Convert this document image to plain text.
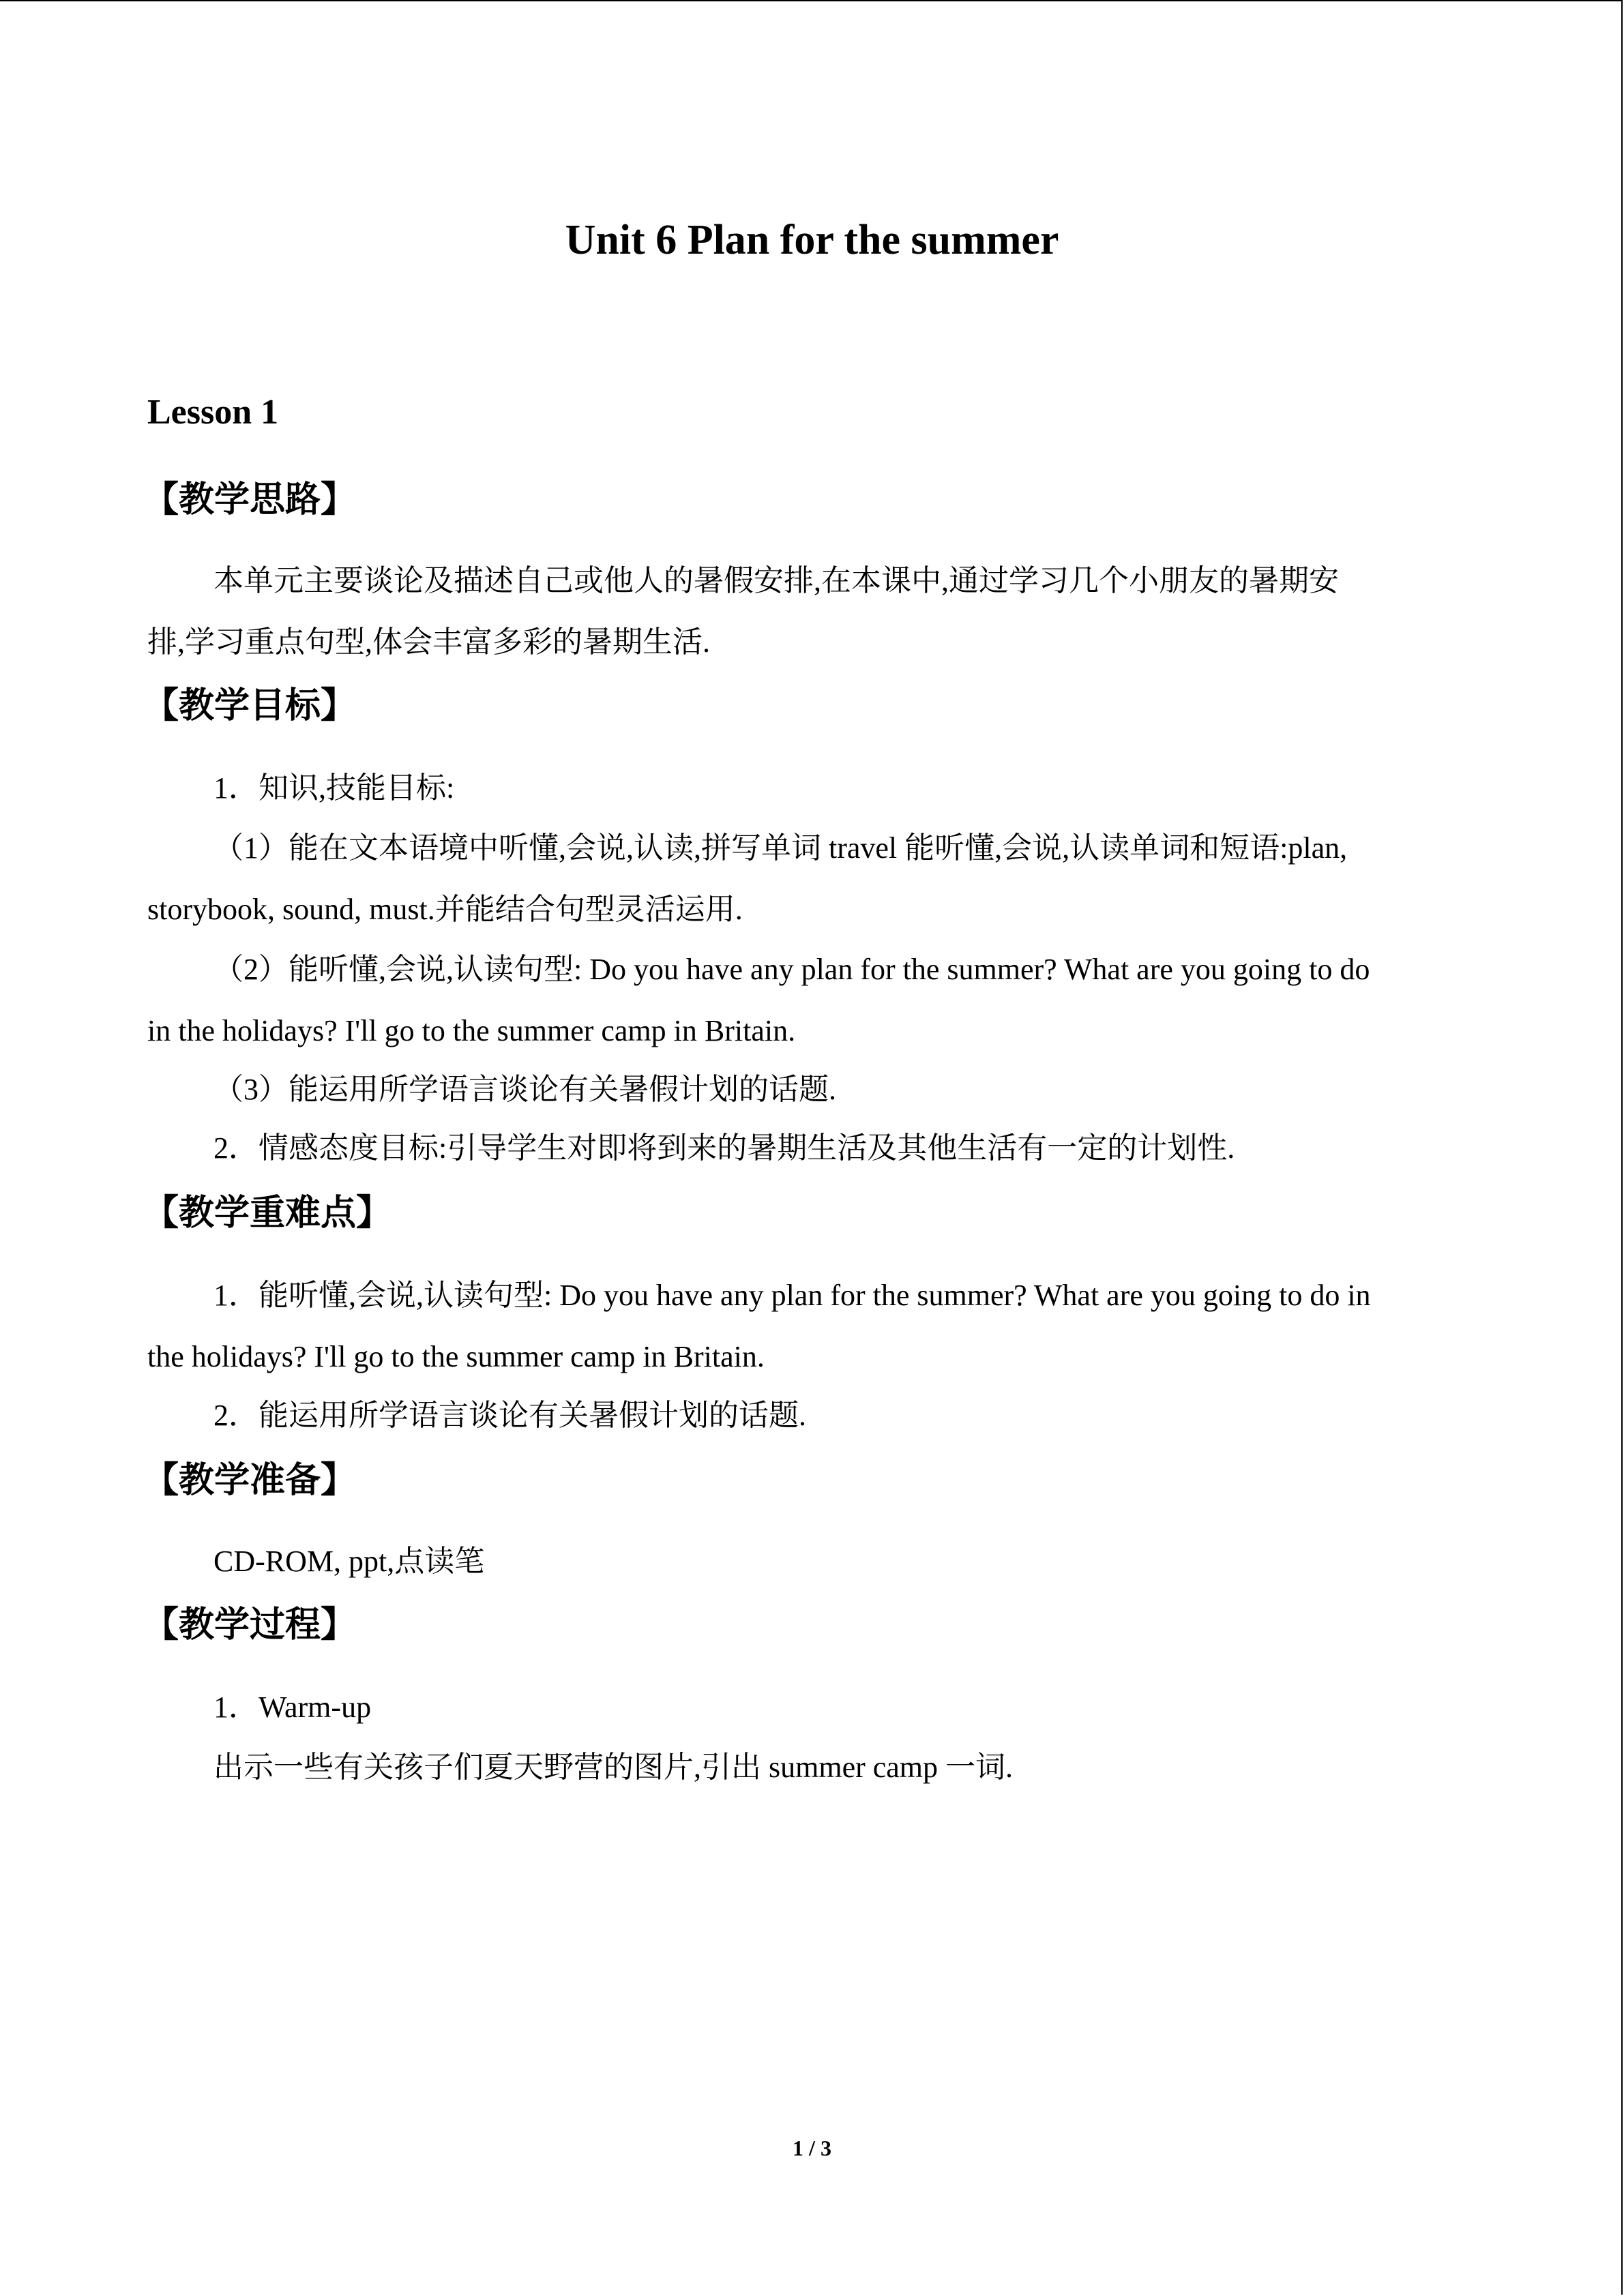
Unit 6 Plan for the summer
Lesson 1
【教学思路】

本单元主要谈论及描述自己或他人的暑假安排,在本课中,通过学习几个小朋友的暑期安

排,学习重点句型,体会丰富多彩的暑期生活.

【教学目标】

1．知识,技能目标:

（1）能在文本语境中听懂,会说,认读,拼写单词 travel 能听懂,会说,认读单词和短语:plan,

storybook, sound, must.并能结合句型灵活运用.

（2）能听懂,会说,认读句型: Do you have any plan for the summer? What are you going to do

in the holidays? I'll go to the summer camp in Britain.

（3）能运用所学语言谈论有关暑假计划的话题.

2．情感态度目标:引导学生对即将到来的暑期生活及其他生活有一定的计划性.

【教学重难点】

1．能听懂,会说,认读句型: Do you have any plan for the summer? What are you going to do in

the holidays? I'll go to the summer camp in Britain.

2．能运用所学语言谈论有关暑假计划的话题.

【教学准备】

CD-ROM, ppt,点读笔

【教学过程】

1．Warm-up

出示一些有关孩子们夏天野营的图片,引出 summer camp 一词.

1 / 3
